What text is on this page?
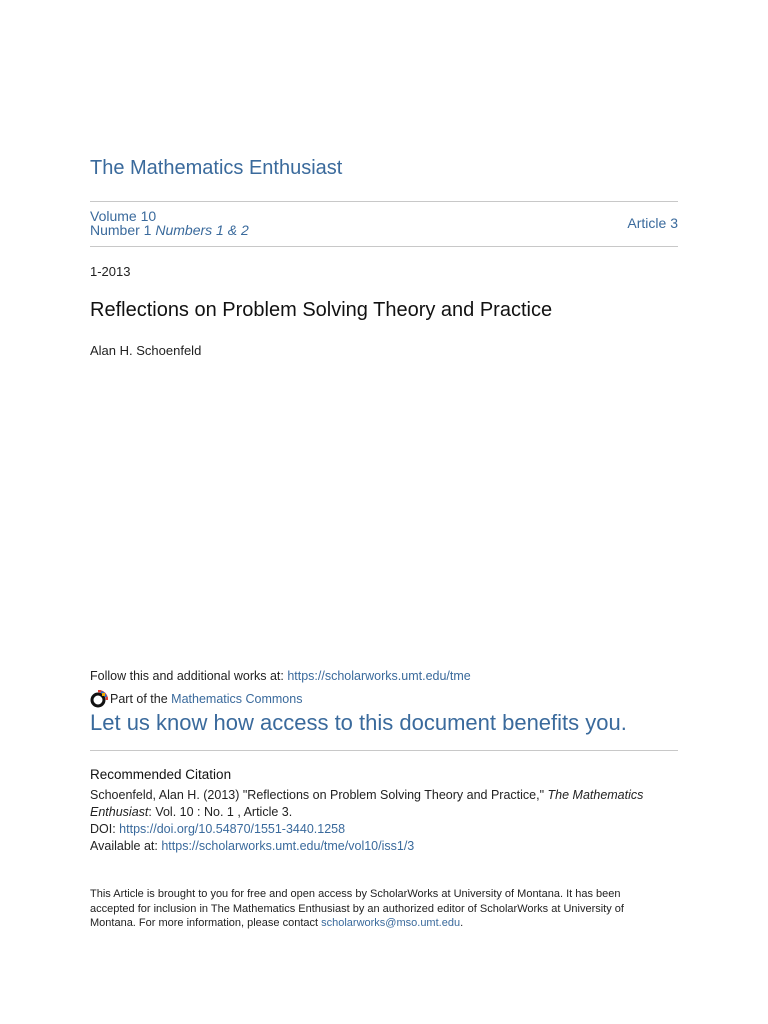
The Mathematics Enthusiast
Volume 10
Number 1 Numbers 1 & 2	Article 3
1-2013
Reflections on Problem Solving Theory and Practice
Alan H. Schoenfeld
Follow this and additional works at: https://scholarworks.umt.edu/tme
Part of the
Mathematics Commons
Let us know how access to this document benefits you.
Recommended Citation
Schoenfeld, Alan H. (2013) "Reflections on Problem Solving Theory and Practice," The Mathematics
Enthusiast: Vol. 10 : No. 1 , Article 3.
DOI: https://doi.org/10.54870/1551-3440.1258
Available at: https://scholarworks.umt.edu/tme/vol10/iss1/3
This Article is brought to you for free and open access by ScholarWorks at University of Montana. It has been
accepted for inclusion in The Mathematics Enthusiast by an authorized editor of ScholarWorks at University of
Montana. For more information, please contact scholarworks@mso.umt.edu.
